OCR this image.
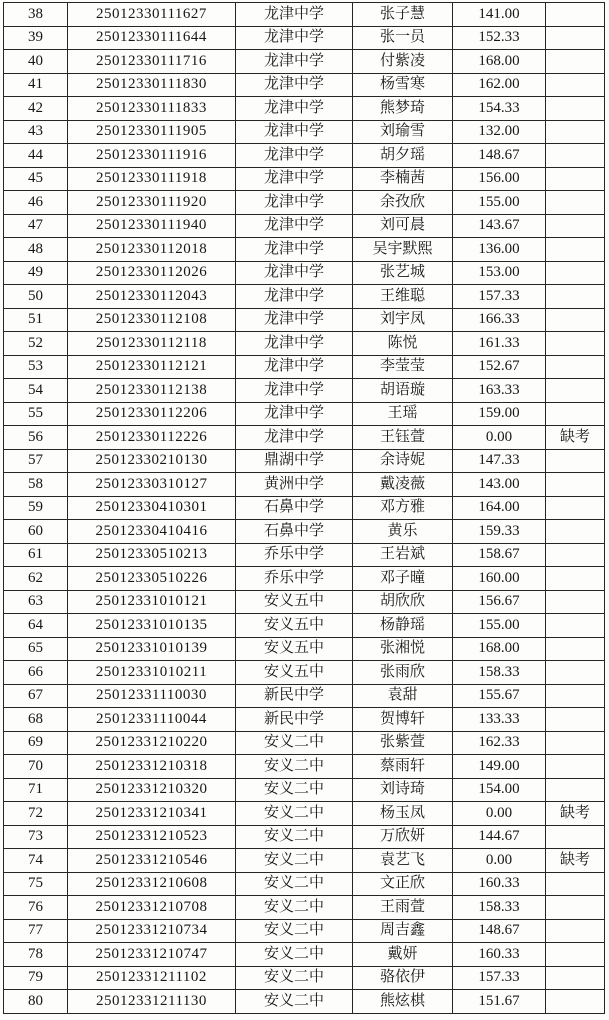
38	25012330111627	龙津中学	张子慧	141.00	
39	25012330111644	龙津中学	张一员	152.33	
40	25012330111716	龙津中学	付紫凌	168.00	
41	25012330111830	龙津中学	杨雪寒	162.00	
42	25012330111833	龙津中学	熊梦琦	154.33	
43	25012330111905	龙津中学	刘瑜雪	132.00	
44	25012330111916	龙津中学	胡夕瑶	148.67	
45	25012330111918	龙津中学	李楠茜	156.00	
46	25012330111920	龙津中学	余孜欣	155.00	
47	25012330111940	龙津中学	刘可晨	143.67	
48	25012330112018	龙津中学	吴宇默熙	136.00	
49	25012330112026	龙津中学	张艺城	153.00	
50	25012330112043	龙津中学	王维聪	157.33	
51	25012330112108	龙津中学	刘宇凤	166.33	
52	25012330112118	龙津中学	陈悦	161.33	
53	25012330112121	龙津中学	李莹莹	152.67	
54	25012330112138	龙津中学	胡语璇	163.33	
55	25012330112206	龙津中学	王瑶	159.00	
56	25012330112226	龙津中学	王钰萱	0.00	缺考
57	25012330210130	鼎湖中学	余诗妮	147.33	
58	25012330310127	黄洲中学	戴凌薇	143.00	
59	25012330410301	石鼻中学	邓方雅	164.00	
60	25012330410416	石鼻中学	黄乐	159.33	
61	25012330510213	乔乐中学	王岩斌	158.67	
62	25012330510226	乔乐中学	邓子曈	160.00	
63	25012331010121	安义五中	胡欣欣	156.67	
64	25012331010135	安义五中	杨静瑶	155.00	
65	25012331010139	安义五中	张湘悦	168.00	
66	25012331010211	安义五中	张雨欣	158.33	
67	25012331110030	新民中学	袁甜	155.67	
68	25012331110044	新民中学	贺博轩	133.33	
69	25012331210220	安义二中	张紫萱	162.33	
70	25012331210318	安义二中	蔡雨轩	149.00	
71	25012331210320	安义二中	刘诗琦	154.00	
72	25012331210341	安义二中	杨玉凤	0.00	缺考
73	25012331210523	安义二中	万欣妍	144.67	
74	25012331210546	安义二中	袁艺飞	0.00	缺考
75	25012331210608	安义二中	文正欣	160.33	
76	25012331210708	安义二中	王雨萱	158.33	
77	25012331210734	安义二中	周吉鑫	148.67	
78	25012331210747	安义二中	戴妍	160.33	
79	25012331211102	安义二中	骆依伊	157.33	
80	25012331211130	安义二中	熊炫棋	151.67	
